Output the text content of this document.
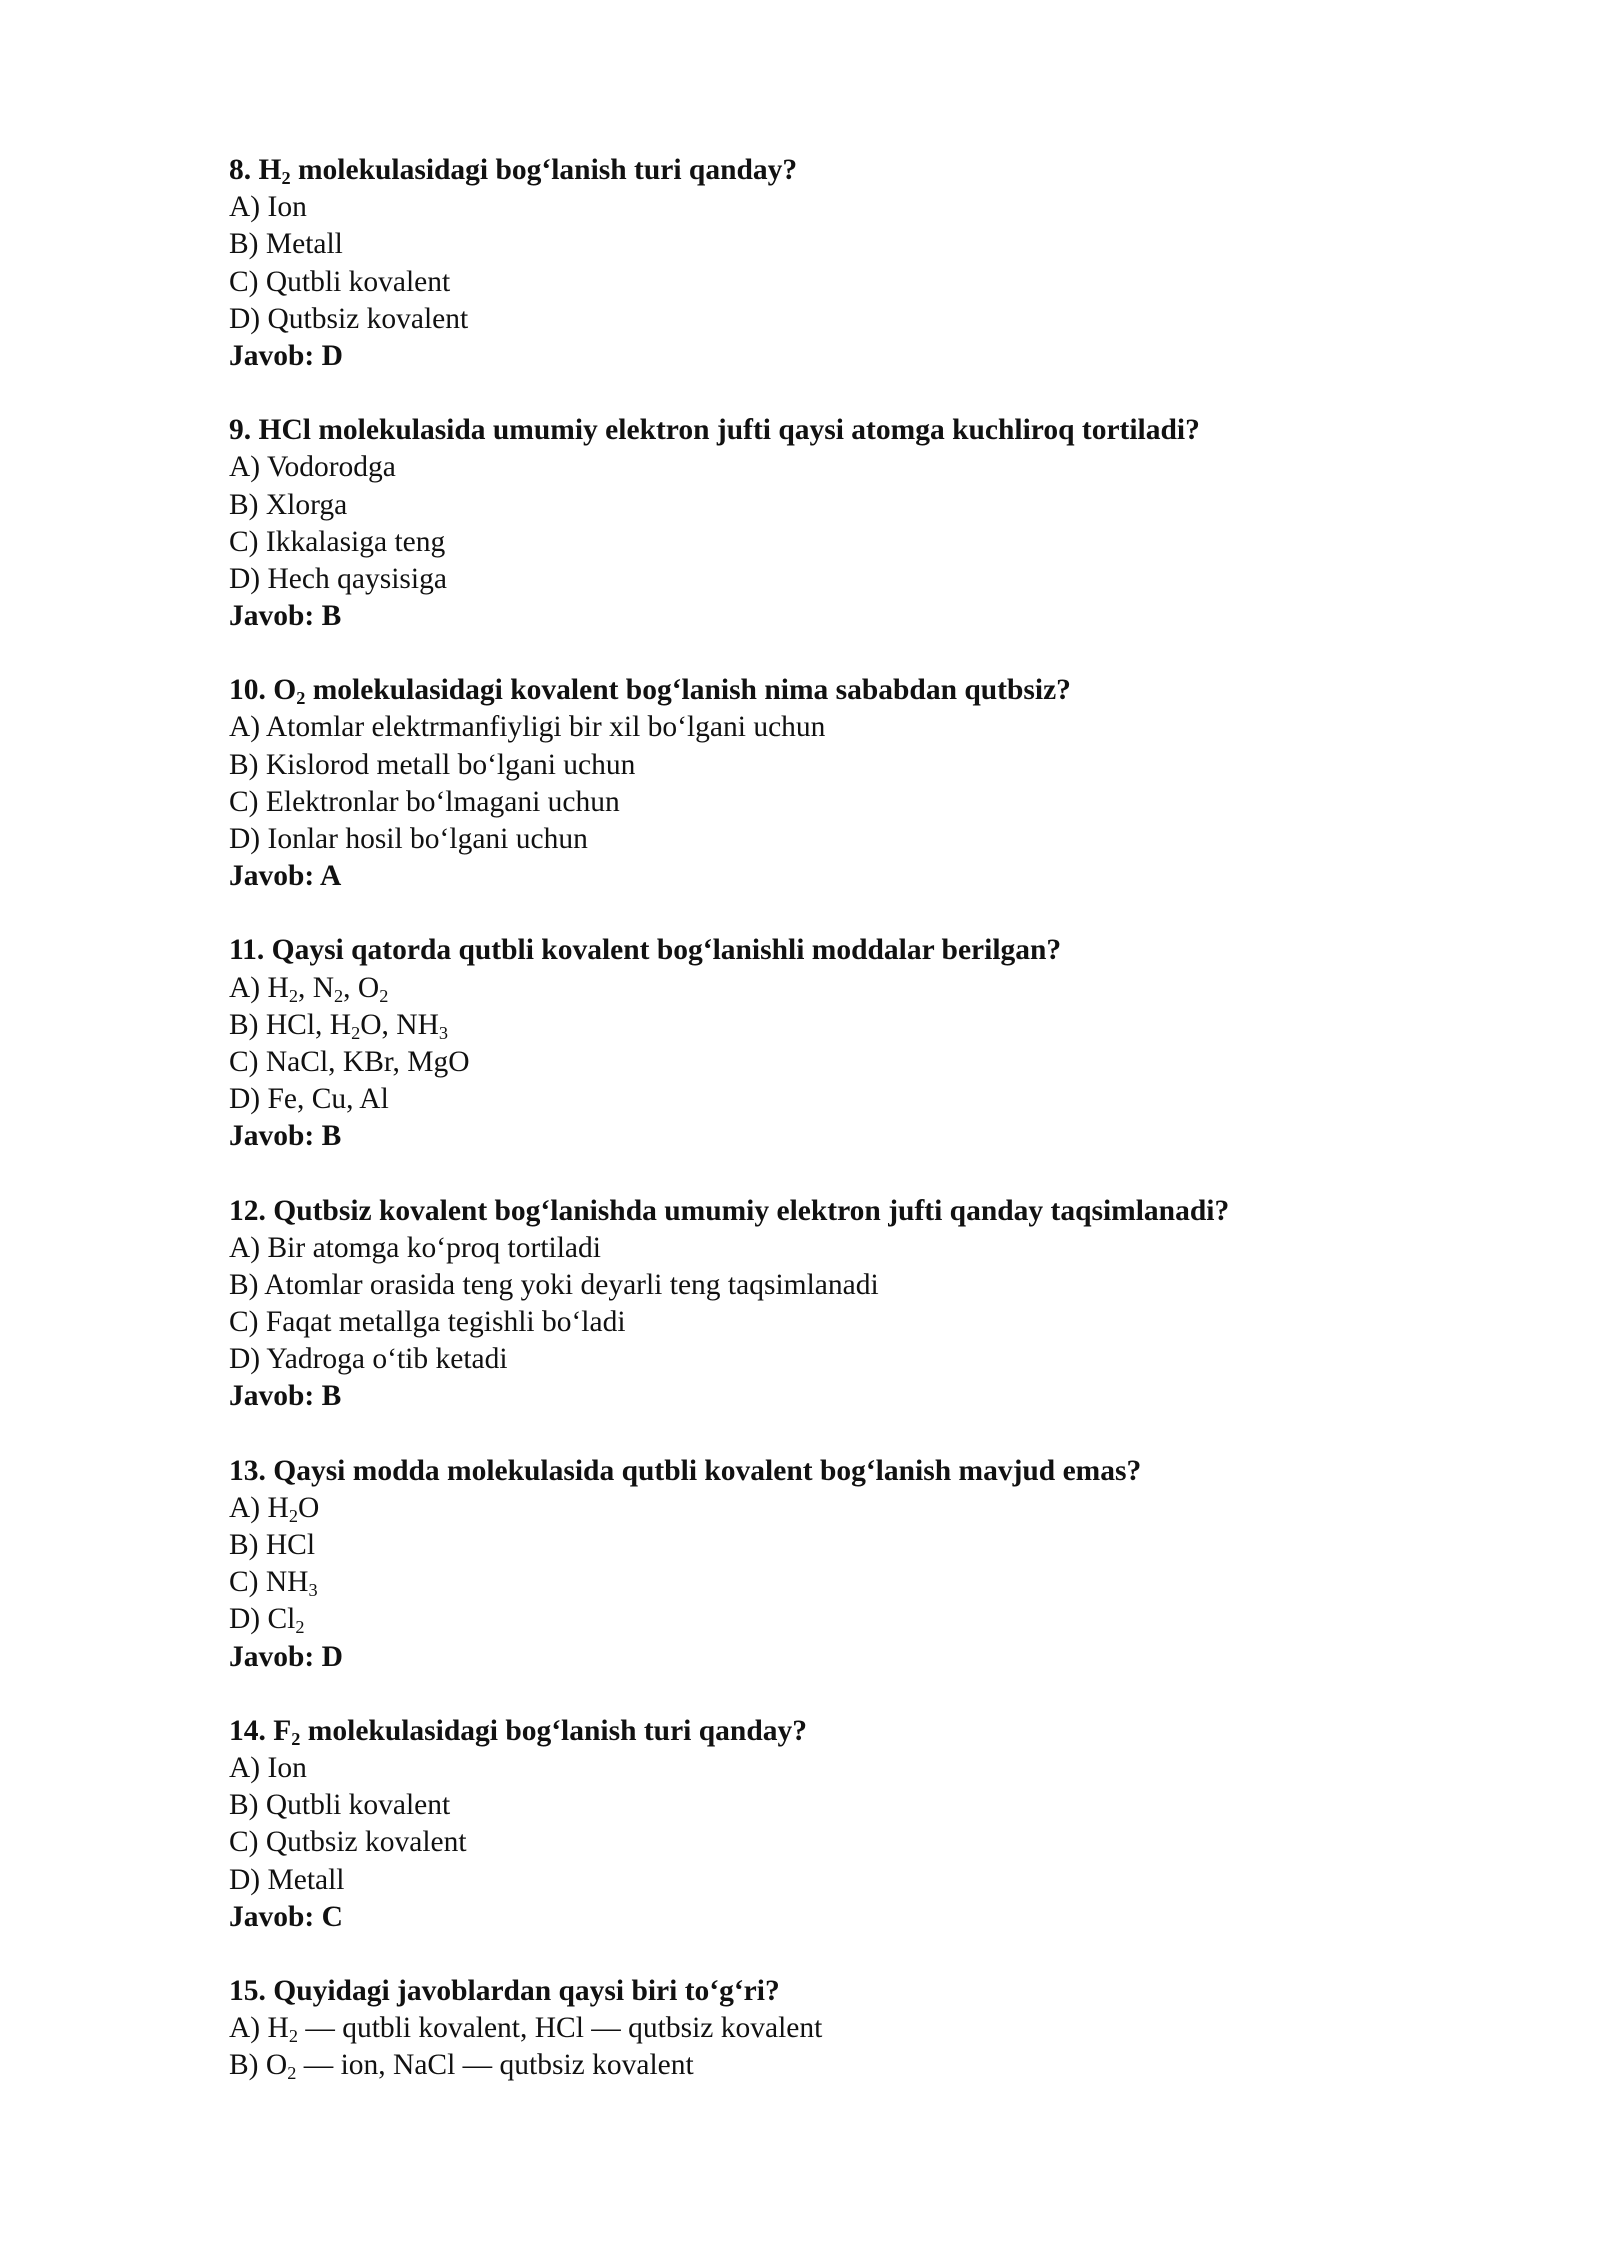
8. $H_2$ molekulasidagi bog‘lanish turi qanday?
A) Ion
B) Metall
C) Qutbli kovalent
D) Qutbsiz kovalent
Javob: D
9. HCl molekulasida umumiy elektron jufti qaysi atomga kuchliroq tortiladi?
A) Vodorodga
B) Xlorga
C) Ikkalasiga teng
D) Hech qaysisiga
Javob: B
10. $O_2$ molekulasidagi kovalent bog‘lanish nima sababdan qutbsiz?
A) Atomlar elektrmanfiyligi bir xil bo‘lgani uchun
B) Kislorod metall bo‘lgani uchun
C) Elektronlar bo‘lmagani uchun
D) Ionlar hosil bo‘lgani uchun
Javob: A
11. Qaysi qatorda qutbli kovalent bog‘lanishli moddalar berilgan?
A) $H_2$, $N_2$, $O_2$
B) HCl, $H_2O$, $NH_3$
C) NaCl, KBr, MgO
D) Fe, Cu, Al
Javob: B
12. Qutbsiz kovalent bog‘lanishda umumiy elektron jufti qanday taqsimlanadi?
A) Bir atomga ko‘proq tortiladi
B) Atomlar orasida teng yoki deyarli teng taqsimlanadi
C) Faqat metallga tegishli bo‘ladi
D) Yadroga o‘tib ketadi
Javob: B
13. Qaysi modda molekulasida qutbli kovalent bog‘lanish mavjud emas?
A) $H_2O$
B) HCl
C) $NH_3$
D) $Cl_2$
Javob: D
14. $F_2$ molekulasidagi bog‘lanish turi qanday?
A) Ion
B) Qutbli kovalent
C) Qutbsiz kovalent
D) Metall
Javob: C
15. Quyidagi javoblardan qaysi biri to‘g‘ri?
A) $H_2$ — qutbli kovalent, HCl — qutbsiz kovalent
B) $O_2$ — ion, NaCl — qutbsiz kovalent
